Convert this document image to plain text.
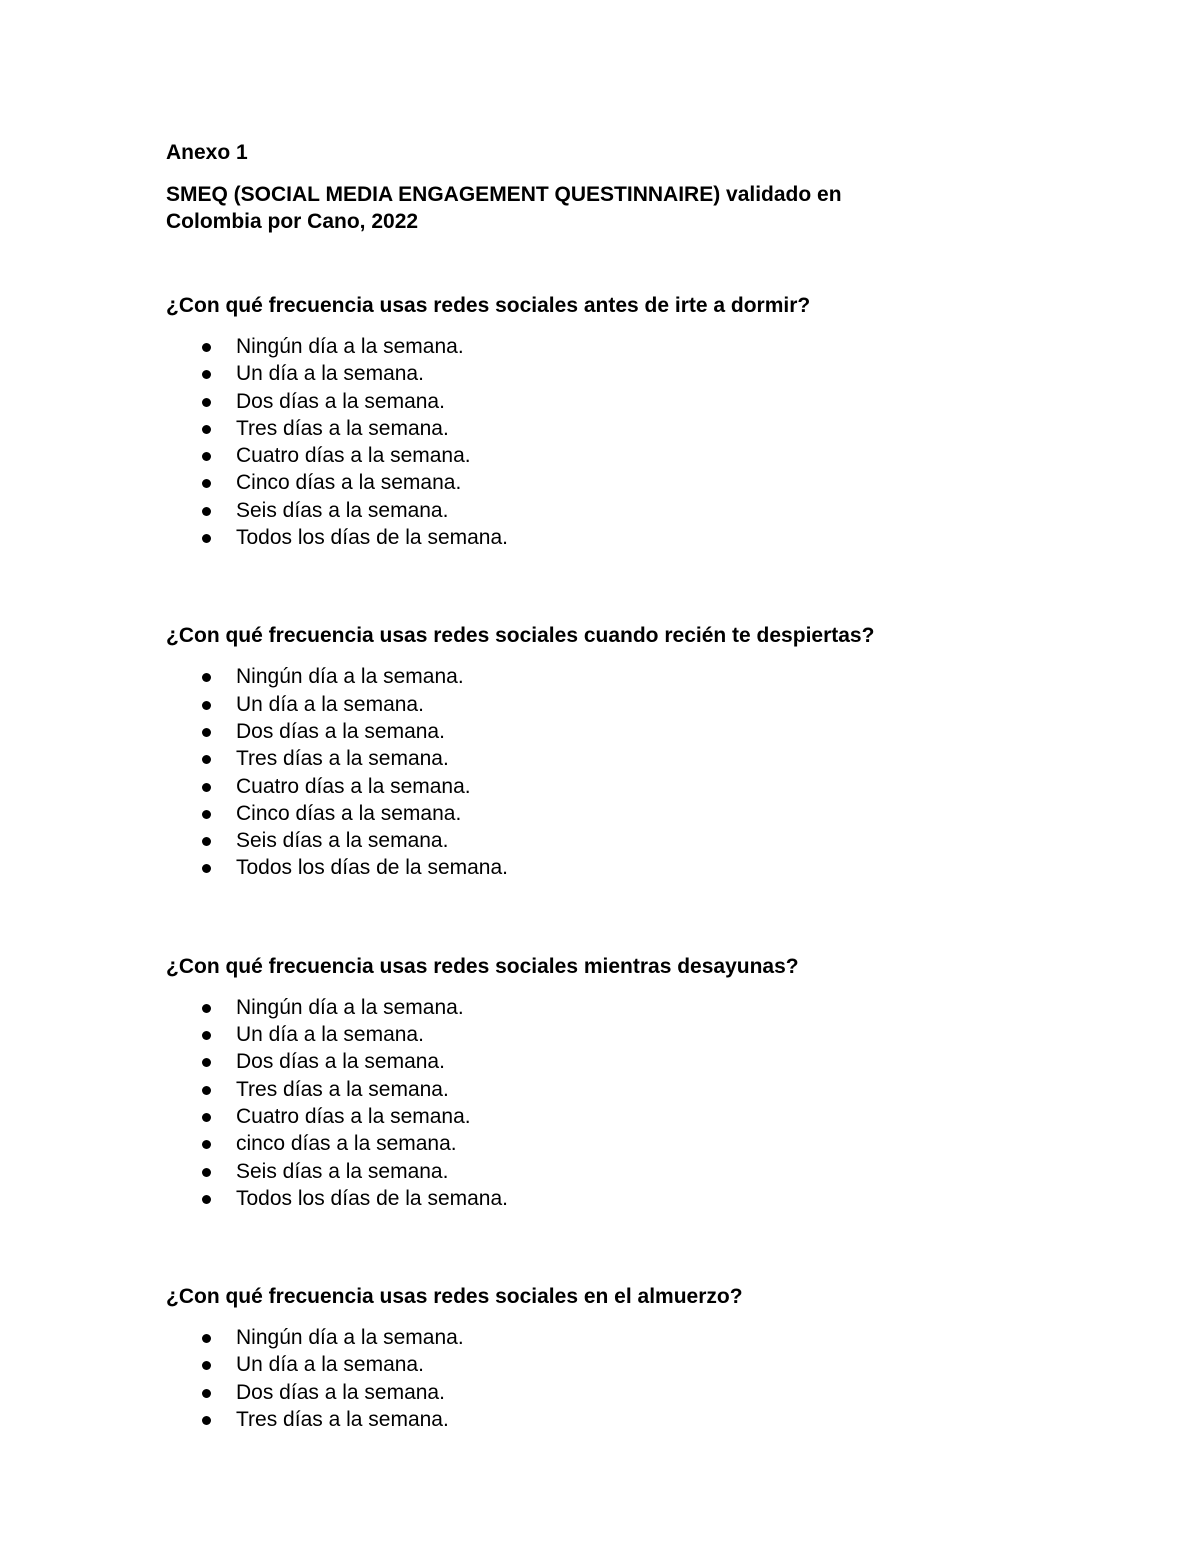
Anexo 1
SMEQ (SOCIAL MEDIA ENGAGEMENT QUESTINNAIRE) validado en
Colombia por Cano, 2022
¿Con qué frecuencia usas redes sociales antes de irte a dormir?
Ningún día a la semana.
Un día a la semana.
Dos días a la semana.
Tres días a la semana.
Cuatro días a la semana.
Cinco días a la semana.
Seis días a la semana.
Todos los días de la semana.
¿Con qué frecuencia usas redes sociales cuando recién te despiertas?
Ningún día a la semana.
Un día a la semana.
Dos días a la semana.
Tres días a la semana.
Cuatro días a la semana.
Cinco días a la semana.
Seis días a la semana.
Todos los días de la semana.
¿Con qué frecuencia usas redes sociales mientras desayunas?
Ningún día a la semana.
Un día a la semana.
Dos días a la semana.
Tres días a la semana.
Cuatro días a la semana.
cinco días a la semana.
Seis días a la semana.
Todos los días de la semana.
¿Con qué frecuencia usas redes sociales en el almuerzo?
Ningún día a la semana.
Un día a la semana.
Dos días a la semana.
Tres días a la semana.
